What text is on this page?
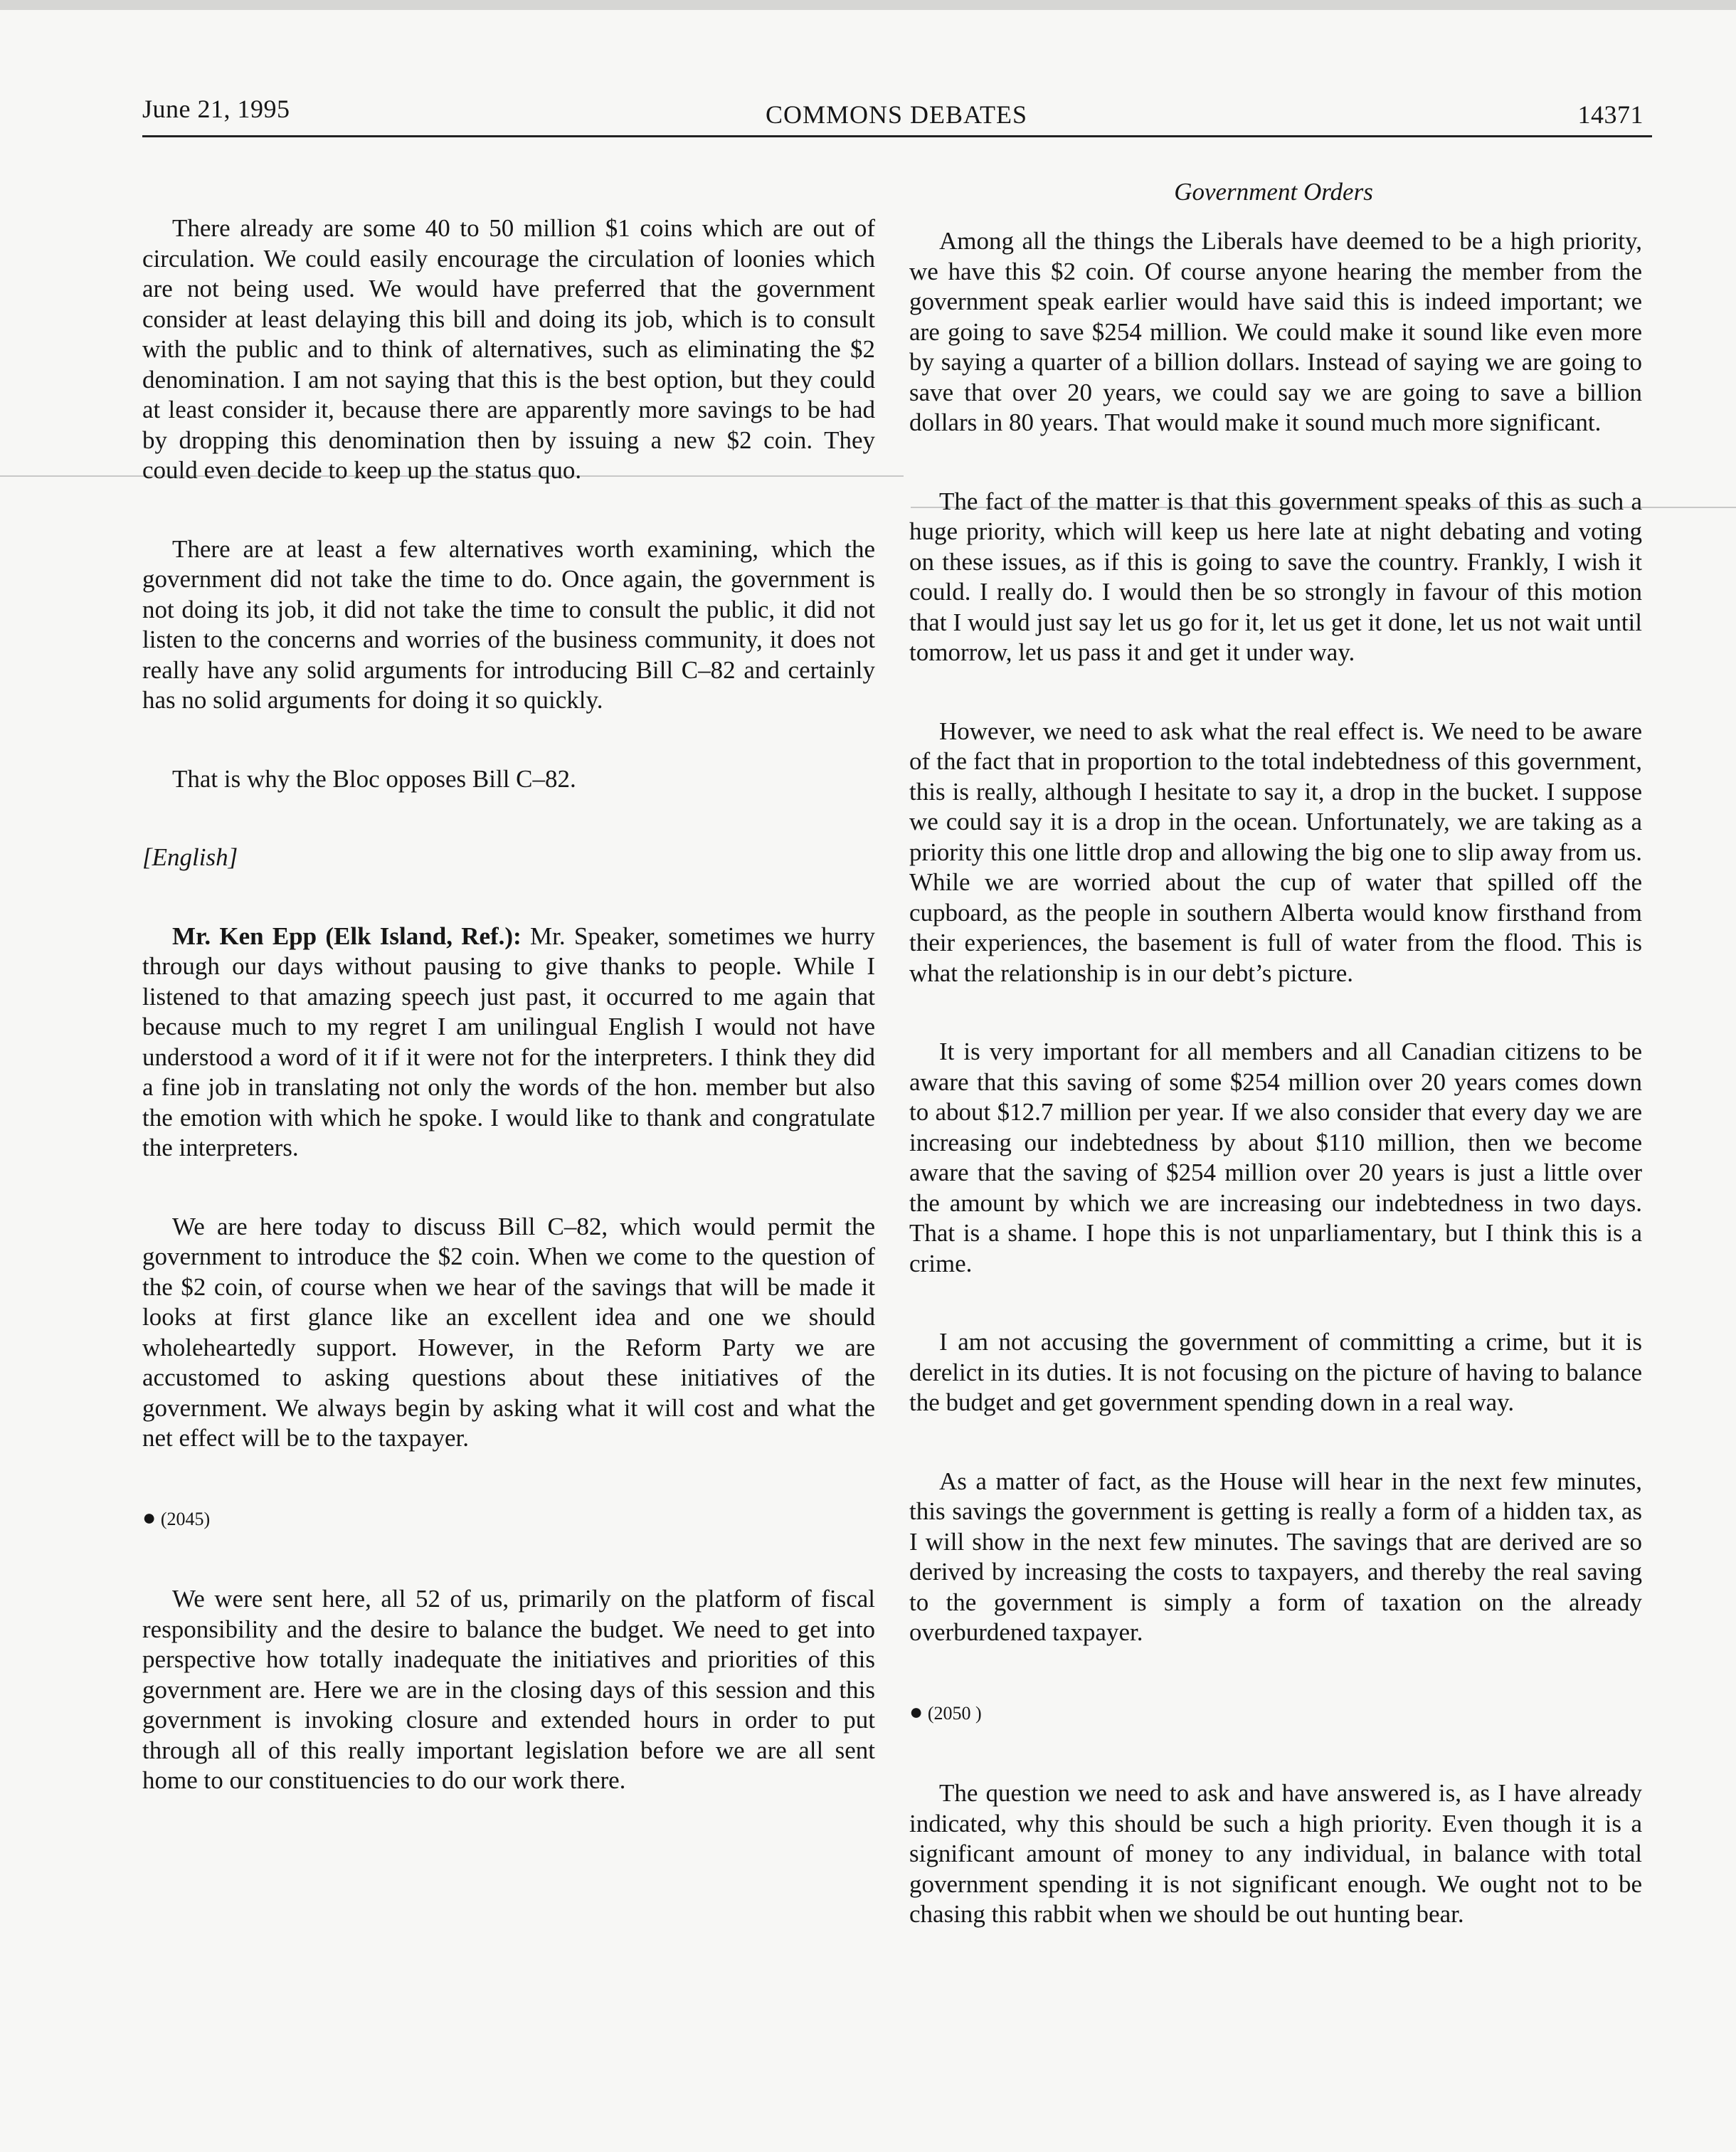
June 21, 1995	COMMONS DEBATES	14371
Government Orders

There already are some 40 to 50 million $1 coins which are out of circulation. We could easily encourage the circulation of loonies which are not being used. We would have preferred that the government consider at least delaying this bill and doing its job, which is to consult with the public and to think of alternatives, such as eliminating the $2 denomination. I am not saying that this is the best option, but they could at least consider it, because there are apparently more savings to be had by dropping this denomination then by issuing a new $2 coin. They could even decide to keep up the status quo.

There are at least a few alternatives worth examining, which the government did not take the time to do. Once again, the government is not doing its job, it did not take the time to consult the public, it did not listen to the concerns and worries of the business community, it does not really have any solid arguments for introducing Bill C–82 and certainly has no solid arguments for doing it so quickly.

That is why the Bloc opposes Bill C–82.

[English]

Mr. Ken Epp (Elk Island, Ref.): Mr. Speaker, sometimes we hurry through our days without pausing to give thanks to people. While I listened to that amazing speech just past, it occurred to me again that because much to my regret I am unilingual English I would not have understood a word of it if it were not for the interpreters. I think they did a fine job in translating not only the words of the hon. member but also the emotion with which he spoke. I would like to thank and congratulate the interpreters.

We are here today to discuss Bill C–82, which would permit the government to introduce the $2 coin. When we come to the question of the $2 coin, of course when we hear of the savings that will be made it looks at first glance like an excellent idea and one we should wholeheartedly support. However, in the Reform Party we are accustomed to asking questions about these initiatives of the government. We always begin by asking what it will cost and what the net effect will be to the taxpayer.

● (2045)

We were sent here, all 52 of us, primarily on the platform of fiscal responsibility and the desire to balance the budget. We need to get into perspective how totally inadequate the initiatives and priorities of this government are. Here we are in the closing days of this session and this government is invoking closure and extended hours in order to put through all of this really important legislation before we are all sent home to our constituencies to do our work there.

Among all the things the Liberals have deemed to be a high priority, we have this $2 coin. Of course anyone hearing the member from the government speak earlier would have said this is indeed important; we are going to save $254 million. We could make it sound like even more by saying a quarter of a billion dollars. Instead of saying we are going to save that over 20 years, we could say we are going to save a billion dollars in 80 years. That would make it sound much more significant.

The fact of the matter is that this government speaks of this as such a huge priority, which will keep us here late at night debating and voting on these issues, as if this is going to save the country. Frankly, I wish it could. I really do. I would then be so strongly in favour of this motion that I would just say let us go for it, let us get it done, let us not wait until tomorrow, let us pass it and get it under way.

However, we need to ask what the real effect is. We need to be aware of the fact that in proportion to the total indebtedness of this government, this is really, although I hesitate to say it, a drop in the bucket. I suppose we could say it is a drop in the ocean. Unfortunately, we are taking as a priority this one little drop and allowing the big one to slip away from us. While we are worried about the cup of water that spilled off the cupboard, as the people in southern Alberta would know firsthand from their experiences, the basement is full of water from the flood. This is what the relationship is in our debt’s picture.

It is very important for all members and all Canadian citizens to be aware that this saving of some $254 million over 20 years comes down to about $12.7 million per year. If we also consider that every day we are increasing our indebtedness by about $110 million, then we become aware that the saving of $254 million over 20 years is just a little over the amount by which we are increasing our indebtedness in two days. That is a shame. I hope this is not unparliamentary, but I think this is a crime.

I am not accusing the government of committing a crime, but it is derelict in its duties. It is not focusing on the picture of having to balance the budget and get government spending down in a real way.

As a matter of fact, as the House will hear in the next few minutes, this savings the government is getting is really a form of a hidden tax, as I will show in the next few minutes. The savings that are derived are so derived by increasing the costs to taxpayers, and thereby the real saving to the government is simply a form of taxation on the already overburdened taxpayer.

● (2050 )

The question we need to ask and have answered is, as I have already indicated, why this should be such a high priority. Even though it is a significant amount of money to any individual, in balance with total government spending it is not significant enough. We ought not to be chasing this rabbit when we should be out hunting bear.
